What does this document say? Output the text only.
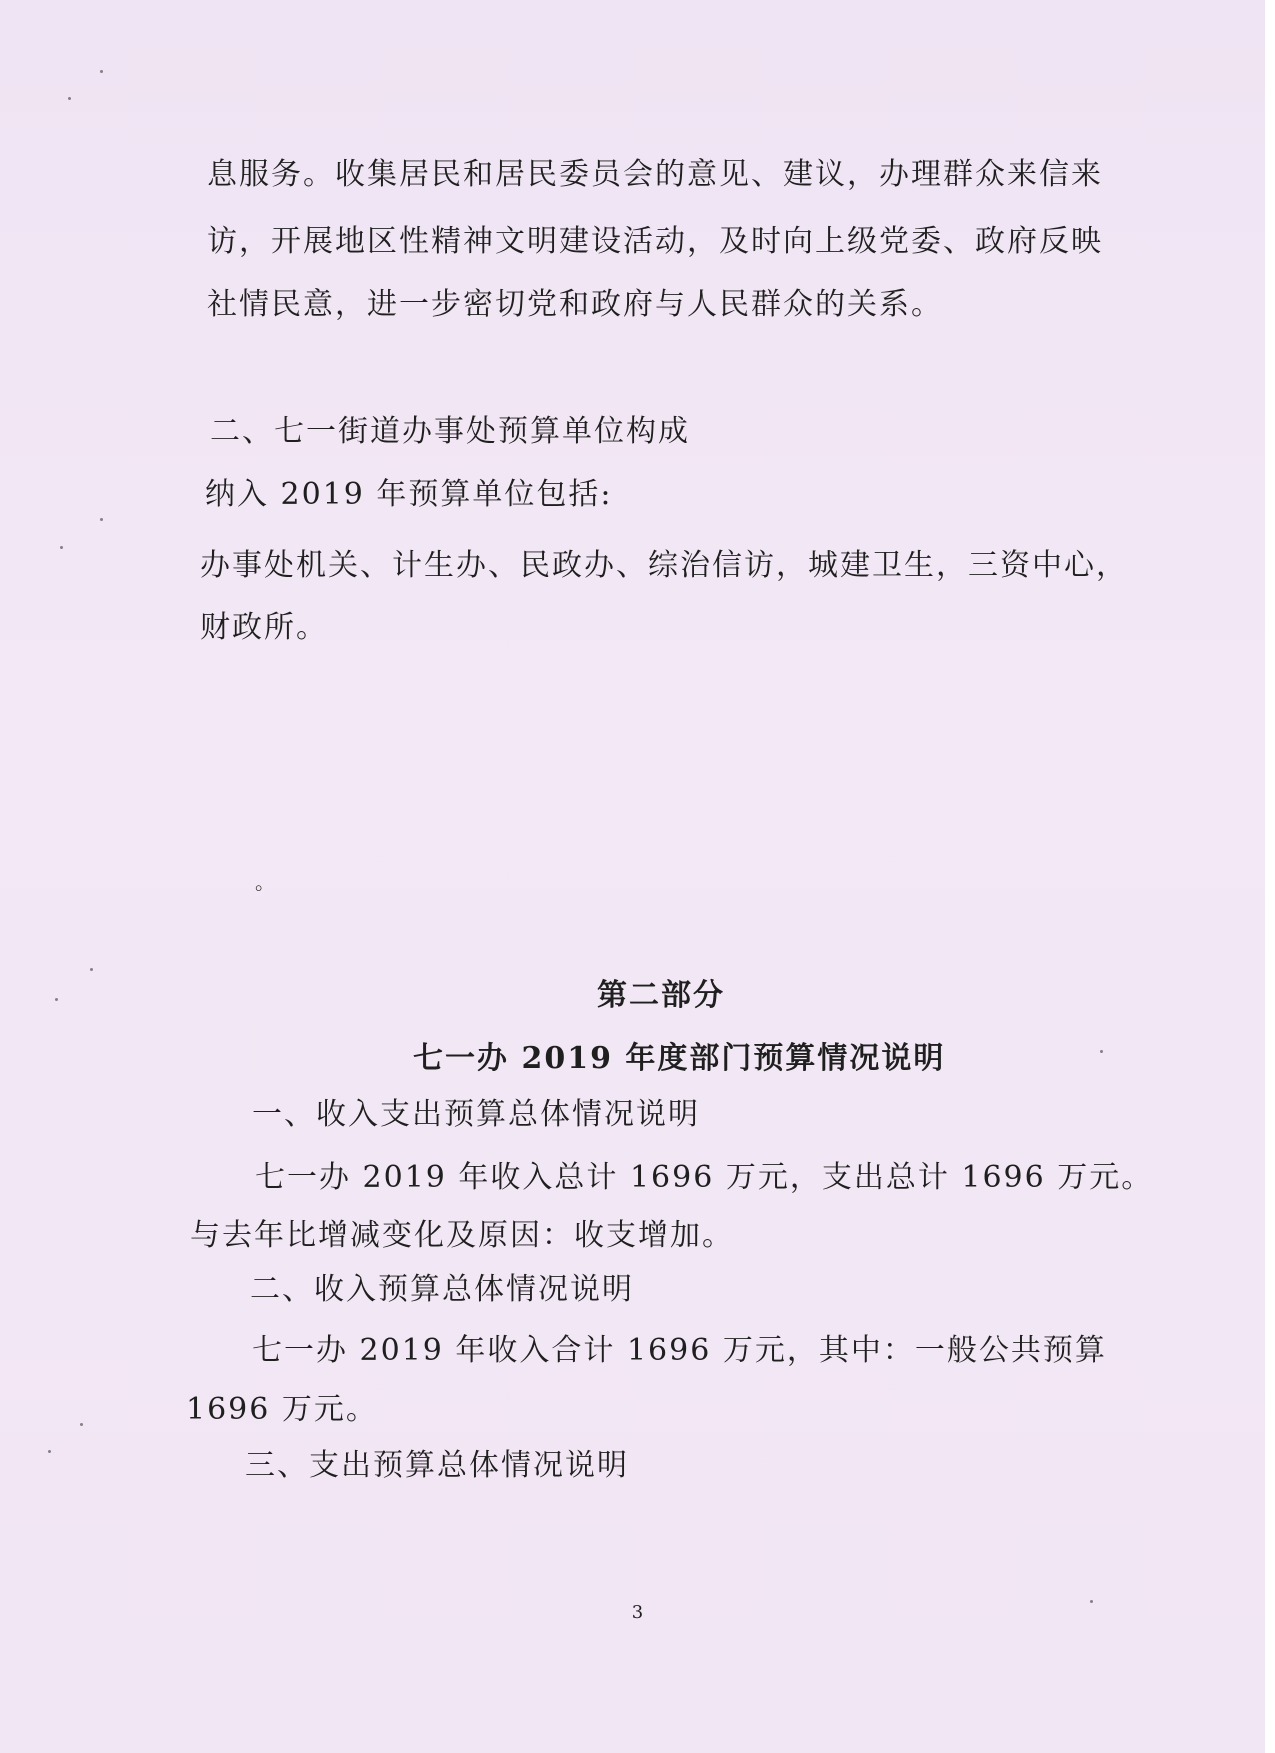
息服务。收集居民和居民委员会的意见、建议，办理群众来信来
访，开展地区性精神文明建设活动，及时向上级党委、政府反映
社情民意，进一步密切党和政府与人民群众的关系。
二、七一街道办事处预算单位构成
纳入 2019 年预算单位包括:
办事处机关、计生办、民政办、综治信访，城建卫生，三资中心，
财政所。
。
第二部分
七一办 2019 年度部门预算情况说明
一、收入支出预算总体情况说明
七一办 2019 年收入总计 1696 万元，支出总计 1696 万元。
与去年比增减变化及原因：收支增加。
二、收入预算总体情况说明
七一办 2019 年收入合计 1696 万元，其中：一般公共预算
1696 万元。
三、支出预算总体情况说明
3
